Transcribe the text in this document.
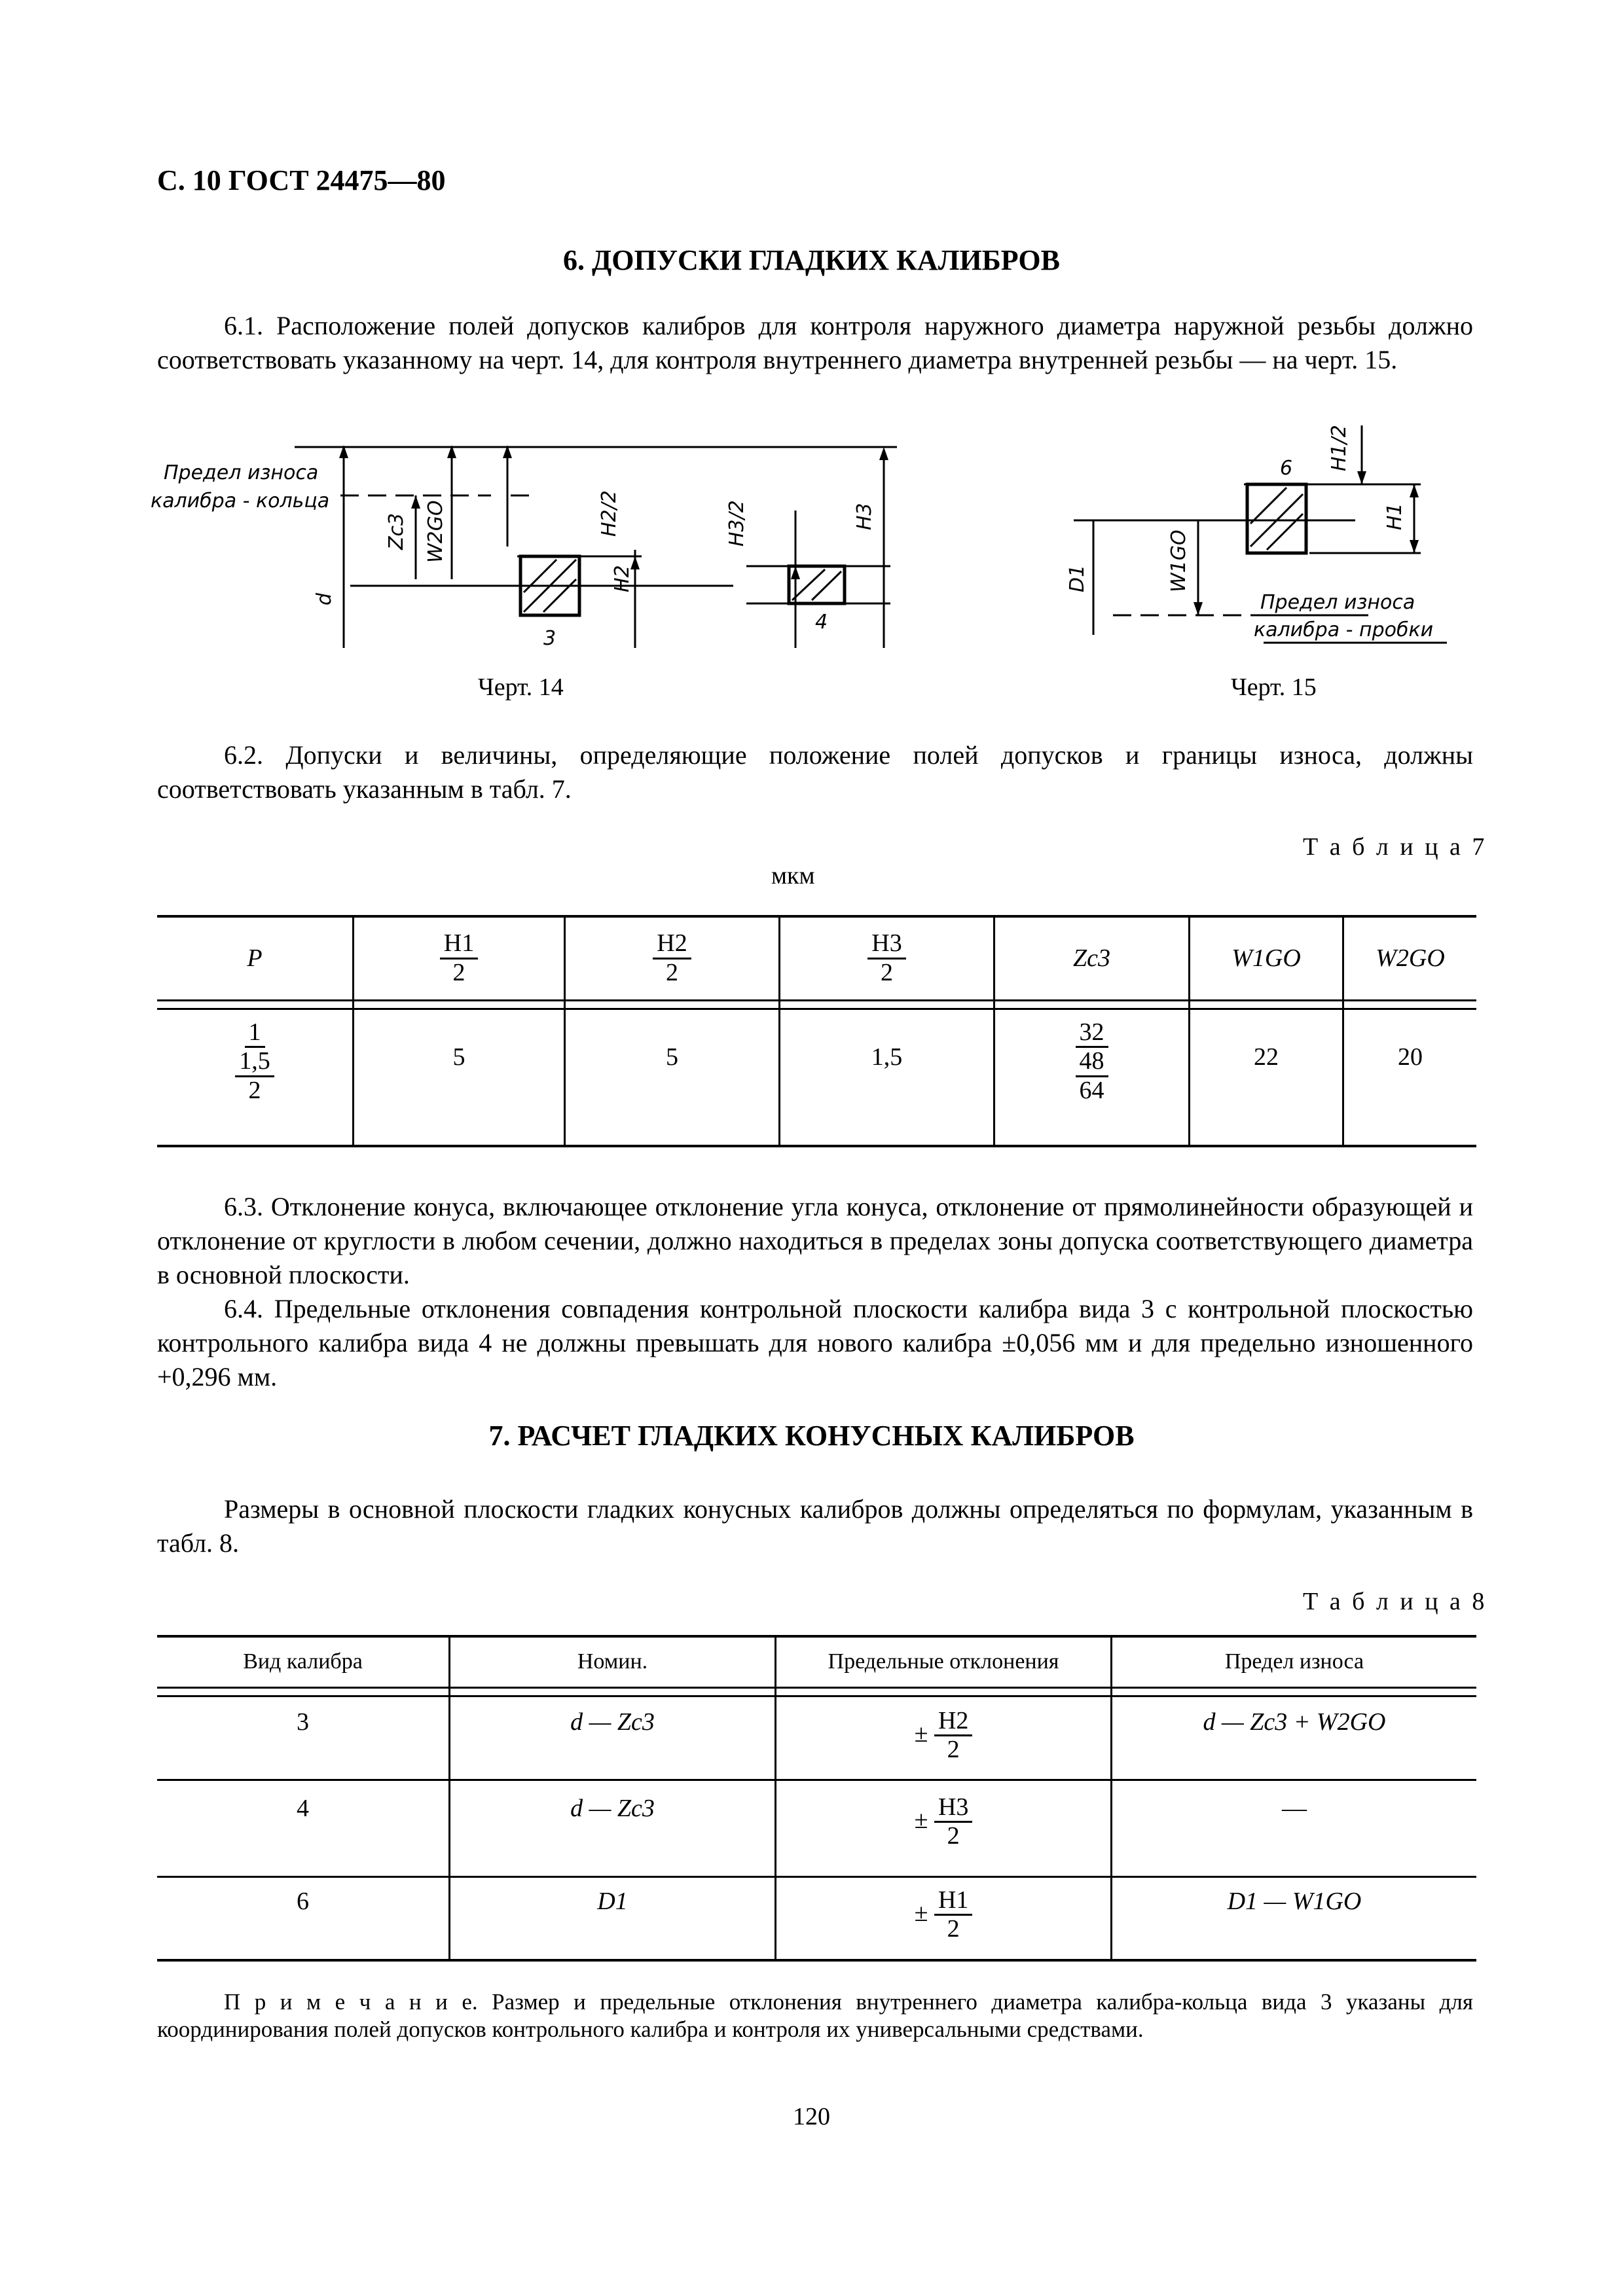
С. 10 ГОСТ 24475—80
6. ДОПУСКИ ГЛАДКИХ КАЛИБРОВ
6.1. Расположение полей допусков калибров для контроля наружного диаметра наружной резьбы должно соответствовать указанному на черт. 14, для контроля внутреннего диаметра внутренней резьбы — на черт. 15.
Предел износа
калибра - кольца
d
Zс3 W2GO	H2/2
H2
H3/2	H3
3
4
Черт. 14
6 H1/2
H1
D1	W1GO
Предел износа
калибра - пробки
Черт. 15
6.2. Допуски и величины, определяющие положение полей допусков и границы износа, должны соответствовать указанным в табл. 7.
Т а б л и ц а 7
мкм
P	$\frac{H1}{2}$	$\frac{H2}{2}$	$\frac{H3}{2}$	Zc3	W1GO	W2GO

1
1,5
2	5	5	1,5	32
48
64	22	20
6.3. Отклонение конуса, включающее отклонение угла конуса, отклонение от прямолинейности образующей и отклонение от круглости в любом сечении, должно находиться в пределах зоны допуска соответствующего диаметра в основной плоскости.
6.4. Предельные отклонения совпадения контрольной плоскости калибра вида 3 с контрольной плоскостью контрольного калибра вида 4 не должны превышать для нового калибра ±0,056 мм и для предельно изношенного +0,296 мм.
7. РАСЧЕТ ГЛАДКИХ КОНУСНЫХ КАЛИБРОВ
Размеры в основной плоскости гладких конусных калибров должны определяться по формулам, указанным в табл. 8.
Т а б л и ц а 8
Вид калибра	Номин.	Предельные отклонения	Предел износа

3	d — Zc3	± $\frac{H2}{2}$	d — Zc3 + W2GO
4	d — Zc3	± $\frac{H3}{2}$	—
6	D1	± $\frac{H1}{2}$	D1 — W1GO
П р и м е ч а н и е. Размер и предельные отклонения внутреннего диаметра калибра-кольца вида 3 указаны для координирования полей допусков контрольного калибра и контроля их универсальными средствами.
120
